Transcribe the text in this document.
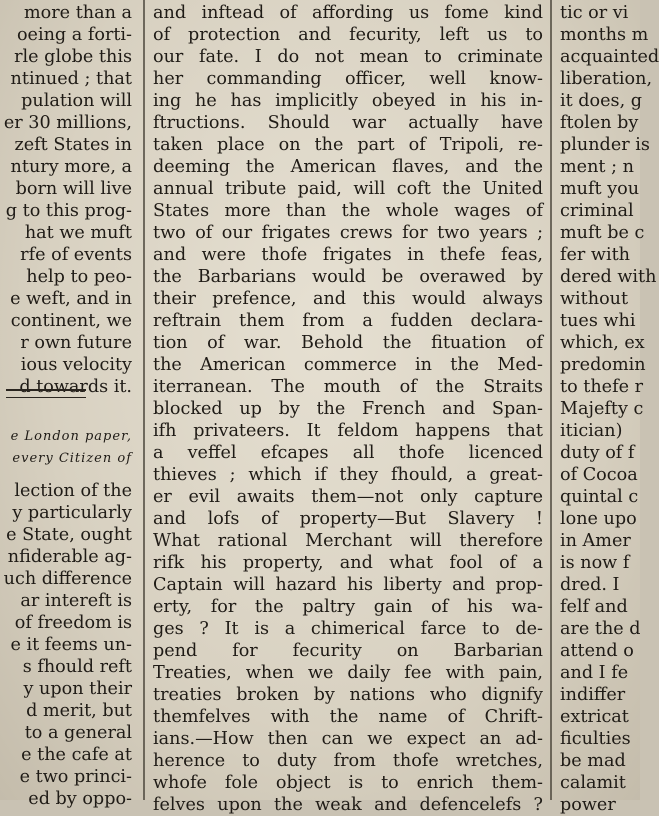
more than a
oeing a forti-
rle globe this
ntinued ; that
pulation will
er 30 millions,
zeft States in
ntury more, a
born will live
g to this prog-
hat we muft
rfe of events
help to peo-
e weft, and in
continent, we
r own future
ious velocity
d towards it.
e London paper,
every Citizen of
lection of the
y particularly
e State, ought
nfiderable ag-
uch difference
ar intereft is
of freedom is
e it feems un-
s fhould reft
y upon their
d merit, but
to a general
e the cafe at
e two princi-
ed by oppo-
and inftead of affording us fome kind
of protection and fecurity, left us to
our fate. I do not mean to criminate
her commanding officer, well know-
ing he has implicitly obeyed in his in-
ftructions. Should war actually have
taken place on the part of Tripoli, re-
deeming the American flaves, and the
annual tribute paid, will coft the United
States more than the whole wages of
two of our frigates crews for two years ;
and were thofe frigates in thefe feas,
the Barbarians would be overawed by
their prefence, and this would always
reftrain them from a fudden declara-
tion of war. Behold the fituation of
the American commerce in the Med-
iterranean. The mouth of the Straits
blocked up by the French and Span-
ifh privateers. It feldom happens that
a veffel efcapes all thofe licenced
thieves ; which if they fhould, a great-
er evil awaits them—not only capture
and lofs of property—But Slavery !
What rational Merchant will therefore
rifk his property, and what fool of a
Captain will hazard his liberty and prop-
erty, for the paltry gain of his wa-
ges ? It is a chimerical farce to de-
pend for fecurity on Barbarian
Treaties, when we daily fee with pain,
treaties broken by nations who dignify
themfelves with the name of Chrift-
ians.—How then can we expect an ad-
herence to duty from thofe wretches,
whofe fole object is to enrich them-
felves upon the weak and defencelefs ?
tic or vi
months m
acquainted
liberation,
it does, g
ftolen by
plunder is
ment ; n
muft you
criminal
muft be c
fer with
dered with
without
tues whi
which, ex
predomin
to thefe r
Majefty c
itician)
duty of f
of Cocoa
quintal c
lone upo
in Amer
is now f
dred. I
felf and
are the d
attend o
and I fe
indiffer
extricat
ficulties
be mad
calamit
power
